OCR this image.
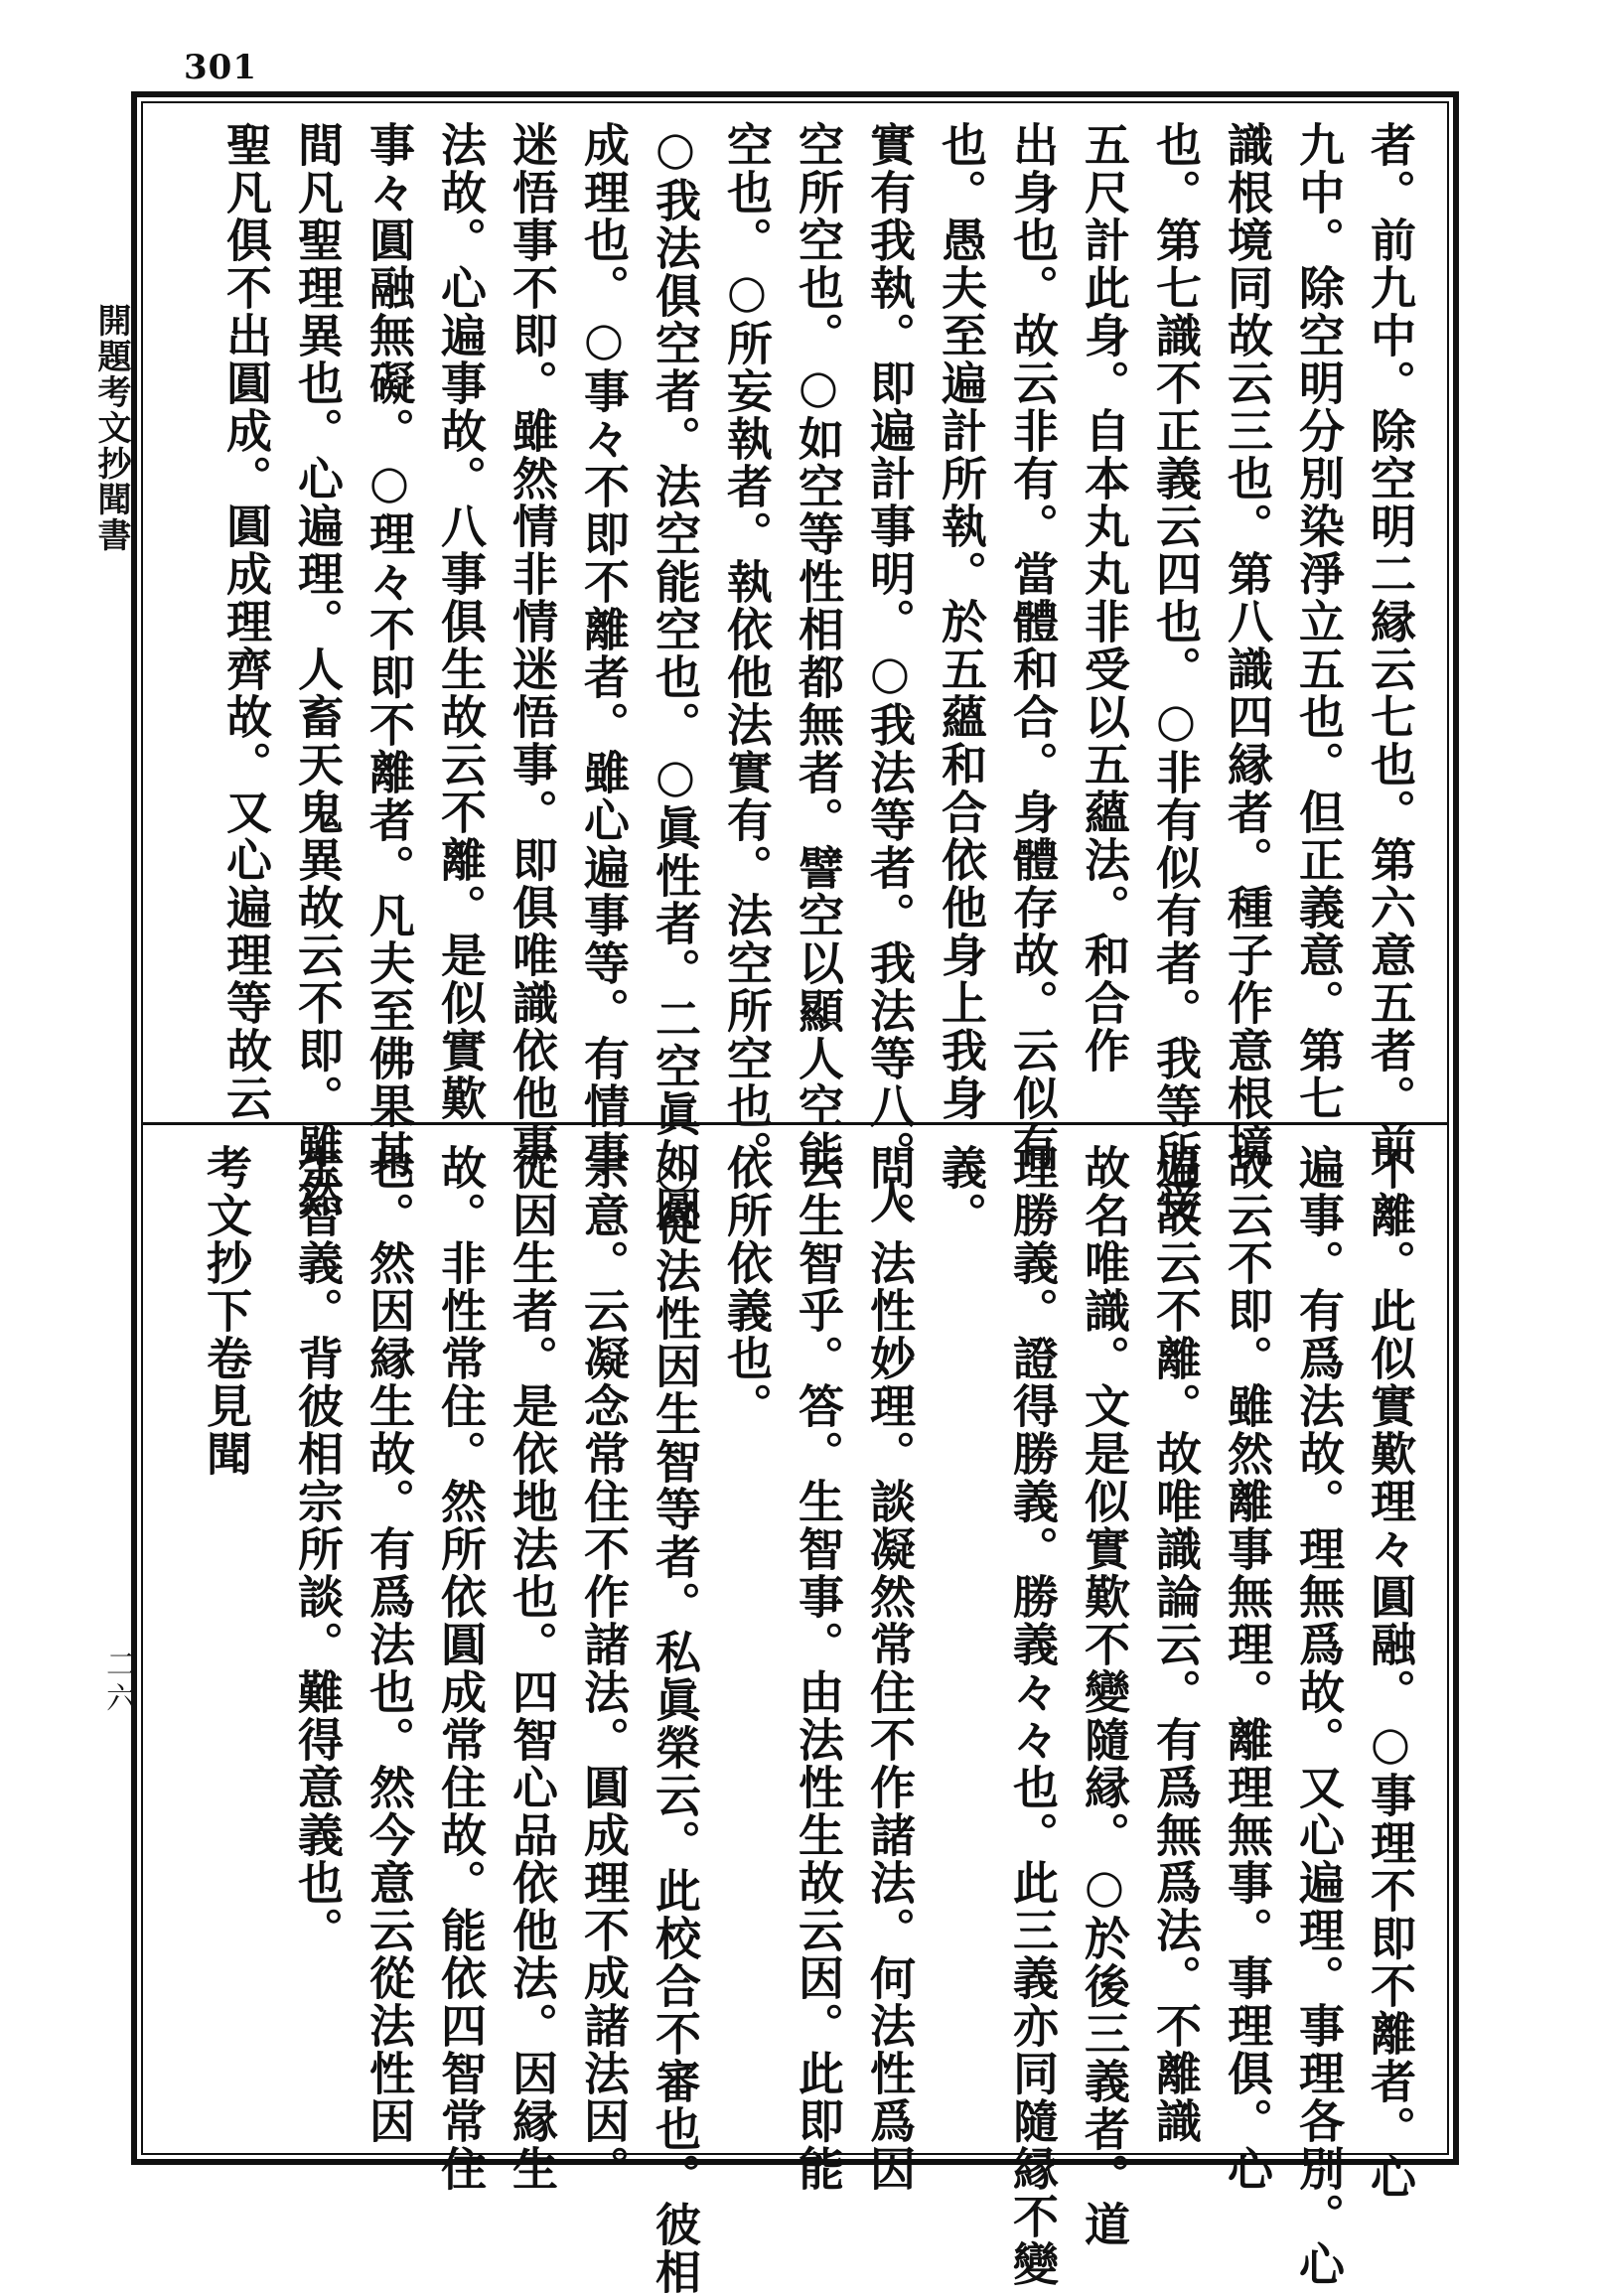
301
開題考文抄聞書
二六
者。前九中。除空明二縁云七也。第六意五者。前
九中。除空明分別染淨立五也。但正義意。第七
識根境同故云三也。第八識四縁者。種子作意根境
也。第七識不正義云四也。○非有似有者。我等所受
五尺計此身。自本丸丸非受以五蘊法。和合作
出身也。故云非有。當體和合。身體存故。云似有
也。愚夫至遍計所執。於五蘊和合依他身上我身
實有我執。即遍計事明。○我法等者。我法等八。人
空所空也。○如空等性相都無者。譬空以顯人空能
空也。○所妄執者。執依他法實有。法空所空也。
○我法俱空者。法空能空也。○眞性者。二空眞如圓
成理也。○事々不即不離者。雖心遍事等。有情事
迷悟事不即。雖然情非情迷悟事。即俱唯識依他事
法故。心遍事故。八事俱生故云不離。是似實歎
事々圓融無礙。○理々不即不離者。凡夫至佛果其
間凡聖理異也。心遍理。人畜天鬼異故云不即。雖然
聖凡俱不出圓成。圓成理齊故。又心遍理等故云
不離。此似實歎理々圓融。○事理不即不離者。心
遍事。有爲法故。理無爲故。又心遍理。事理各別。心
故云不即。雖然離事無理。離理無事。事理俱。心
遍故云不離。故唯識論云。有爲無爲法。不離識
故名唯識。文是似實歎不變隨縁。○於後三義者。道
理勝義。證得勝義。勝義々々也。此三義亦同隨縁不變
義。
問。法性妙理。談凝然常住不作諸法。何法性爲因
云生智乎。答。生智事。由法性生故云因。此即能
依所依義也。
○從法性因生智等者。私眞榮云。此校合不審也。彼相
宗意。云凝念常住不作諸法。圓成理不成諸法因。
從因生者。是依地法也。四智心品依他法。因縁生
故。非性常住。然所依圓成常住故。能依四智常住
也。然因縁生故。有爲法也。然今意云從法性因
生智義。背彼相宗所談。難得意義也。
考文抄下卷見聞
